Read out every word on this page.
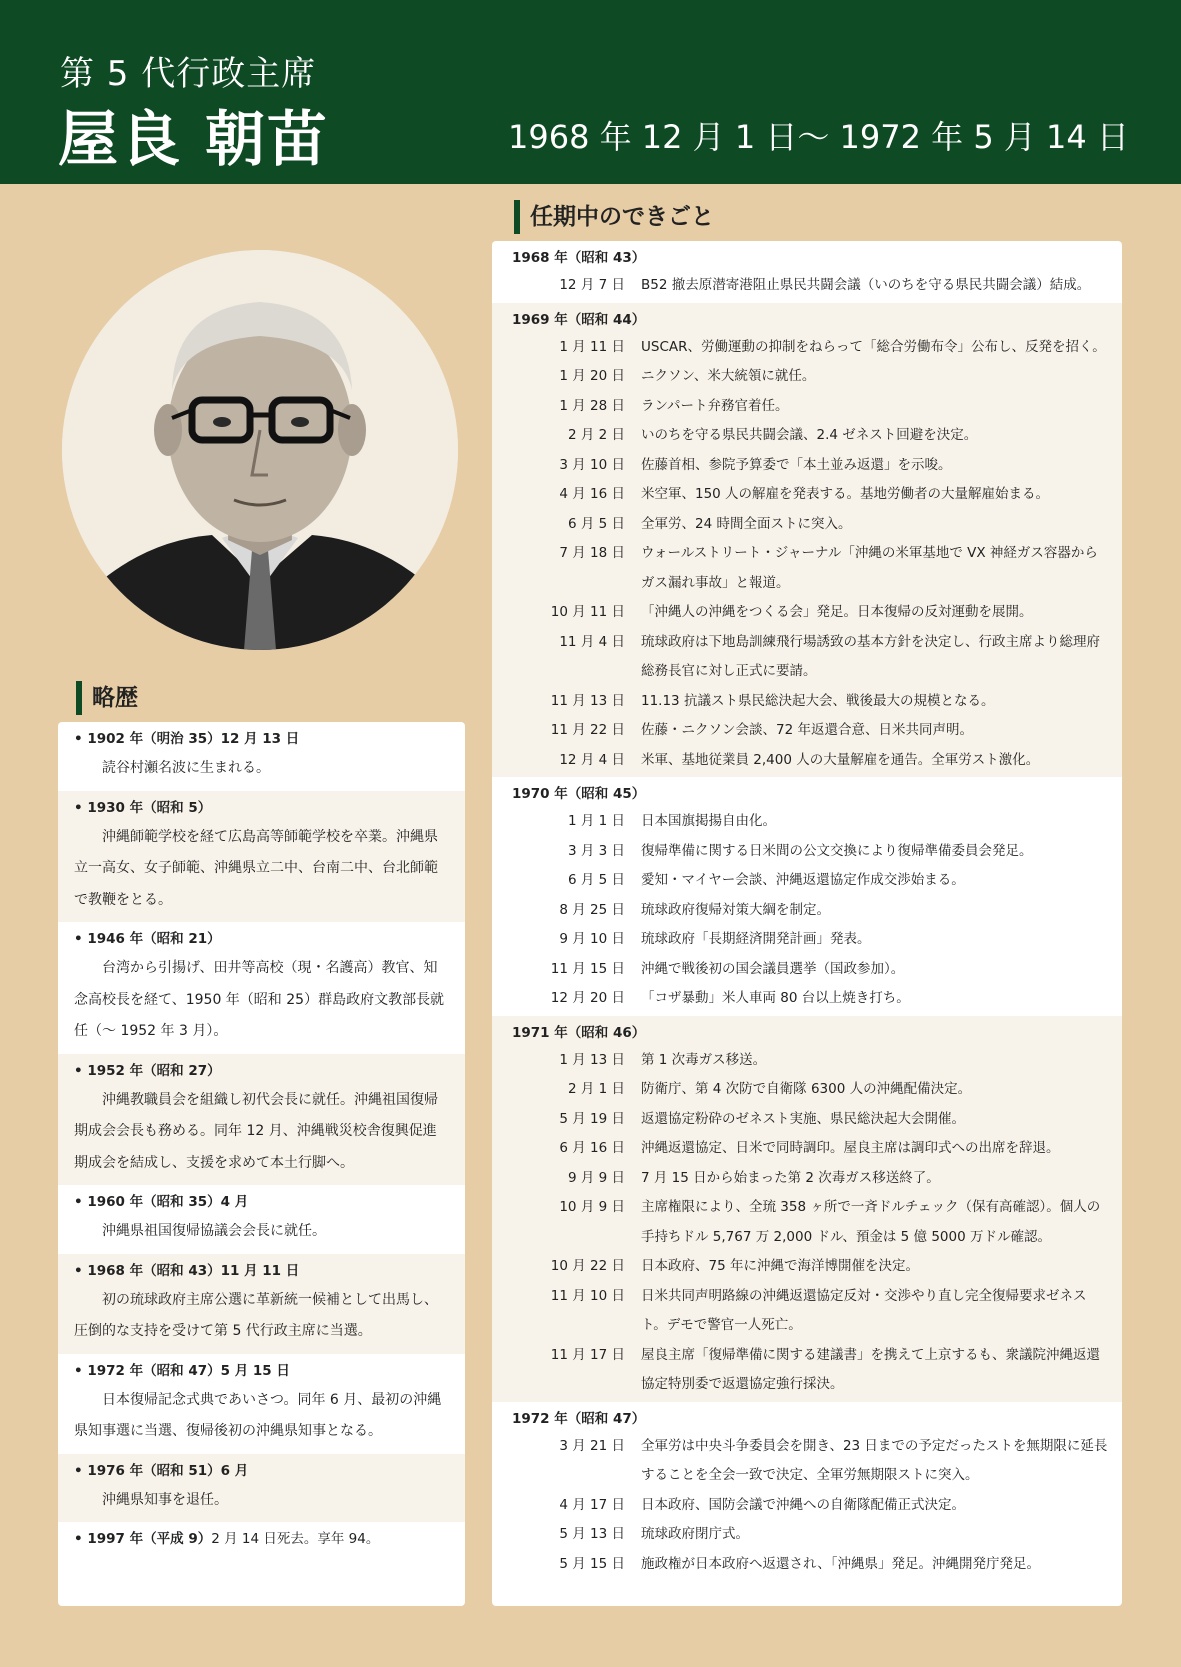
第 5 代行政主席
屋良 朝苗	1968 年 12 月 1 日〜 1972 年 5 月 14 日
略歴
• 1902 年（明治 35）12 月 13 日
読谷村瀬名波に生まれる。
• 1930 年（昭和 5）
沖縄師範学校を経て広島高等師範学校を卒業。沖縄県立一高女、女子師範、沖縄県立二中、台南二中、台北師範で教鞭をとる。
• 1946 年（昭和 21）
台湾から引揚げ、田井等高校（現・名護高）教官、知念高校長を経て、1950 年（昭和 25）群島政府文教部長就任（〜 1952 年 3 月）。
• 1952 年（昭和 27）
沖縄教職員会を組織し初代会長に就任。沖縄祖国復帰期成会会長も務める。同年 12 月、沖縄戦災校舎復興促進期成会を結成し、支援を求めて本土行脚へ。
• 1960 年（昭和 35）4 月
沖縄県祖国復帰協議会会長に就任。
• 1968 年（昭和 43）11 月 11 日
初の琉球政府主席公選に革新統一候補として出馬し、圧倒的な支持を受けて第 5 代行政主席に当選。
• 1972 年（昭和 47）5 月 15 日
日本復帰記念式典であいさつ。同年 6 月、最初の沖縄県知事選に当選、復帰後初の沖縄県知事となる。
• 1976 年（昭和 51）6 月
沖縄県知事を退任。
• 1997 年（平成 9）2 月 14 日死去。享年 94。
任期中のできごと
1968 年（昭和 43）
12 月 7 日	B52 撤去原潜寄港阻止県民共闘会議（いのちを守る県民共闘会議）結成。
1969 年（昭和 44）
1 月 11 日	USCAR、労働運動の抑制をねらって「総合労働布令」公布し、反発を招く。
1 月 20 日	ニクソン、米大統領に就任。
1 月 28 日	ランパート弁務官着任。
2 月 2 日	いのちを守る県民共闘会議、2.4 ゼネスト回避を決定。
3 月 10 日	佐藤首相、参院予算委で「本土並み返還」を示唆。
4 月 16 日	米空軍、150 人の解雇を発表する。基地労働者の大量解雇始まる。
6 月 5 日	全軍労、24 時間全面ストに突入。
7 月 18 日	ウォールストリート・ジャーナル「沖縄の米軍基地で VX 神経ガス容器からガス漏れ事故」と報道。
10 月 11 日	「沖縄人の沖縄をつくる会」発足。日本復帰の反対運動を展開。
11 月 4 日	琉球政府は下地島訓練飛行場誘致の基本方針を決定し、行政主席より総理府総務長官に対し正式に要請。
11 月 13 日	11.13 抗議スト県民総決起大会、戦後最大の規模となる。
11 月 22 日	佐藤・ニクソン会談、72 年返還合意、日米共同声明。
12 月 4 日	米軍、基地従業員 2,400 人の大量解雇を通告。全軍労スト激化。
1970 年（昭和 45）
1 月 1 日	日本国旗掲揚自由化。
3 月 3 日	復帰準備に関する日米間の公文交換により復帰準備委員会発足。
6 月 5 日	愛知・マイヤー会談、沖縄返還協定作成交渉始まる。
8 月 25 日	琉球政府復帰対策大綱を制定。
9 月 10 日	琉球政府「長期経済開発計画」発表。
11 月 15 日	沖縄で戦後初の国会議員選挙（国政参加）。
12 月 20 日	「コザ暴動」米人車両 80 台以上焼き打ち。
1971 年（昭和 46）
1 月 13 日	第 1 次毒ガス移送。
2 月 1 日	防衛庁、第 4 次防で自衛隊 6300 人の沖縄配備決定。
5 月 19 日	返還協定粉砕のゼネスト実施、県民総決起大会開催。
6 月 16 日	沖縄返還協定、日米で同時調印。屋良主席は調印式への出席を辞退。
9 月 9 日	7 月 15 日から始まった第 2 次毒ガス移送終了。
10 月 9 日	主席権限により、全琉 358 ヶ所で一斉ドルチェック（保有高確認）。個人の手持ちドル 5,767 万 2,000 ドル、預金は 5 億 5000 万ドル確認。
10 月 22 日	日本政府、75 年に沖縄で海洋博開催を決定。
11 月 10 日	日米共同声明路線の沖縄返還協定反対・交渉やり直し完全復帰要求ゼネスト。デモで警官一人死亡。
11 月 17 日	屋良主席「復帰準備に関する建議書」を携えて上京するも、衆議院沖縄返還協定特別委で返還協定強行採決。
1972 年（昭和 47）
3 月 21 日	全軍労は中央斗争委員会を開き、23 日までの予定だったストを無期限に延長することを全会一致で決定、全軍労無期限ストに突入。
4 月 17 日	日本政府、国防会議で沖縄への自衛隊配備正式決定。
5 月 13 日	琉球政府閉庁式。
5 月 15 日	施政権が日本政府へ返還され、「沖縄県」発足。沖縄開発庁発足。
